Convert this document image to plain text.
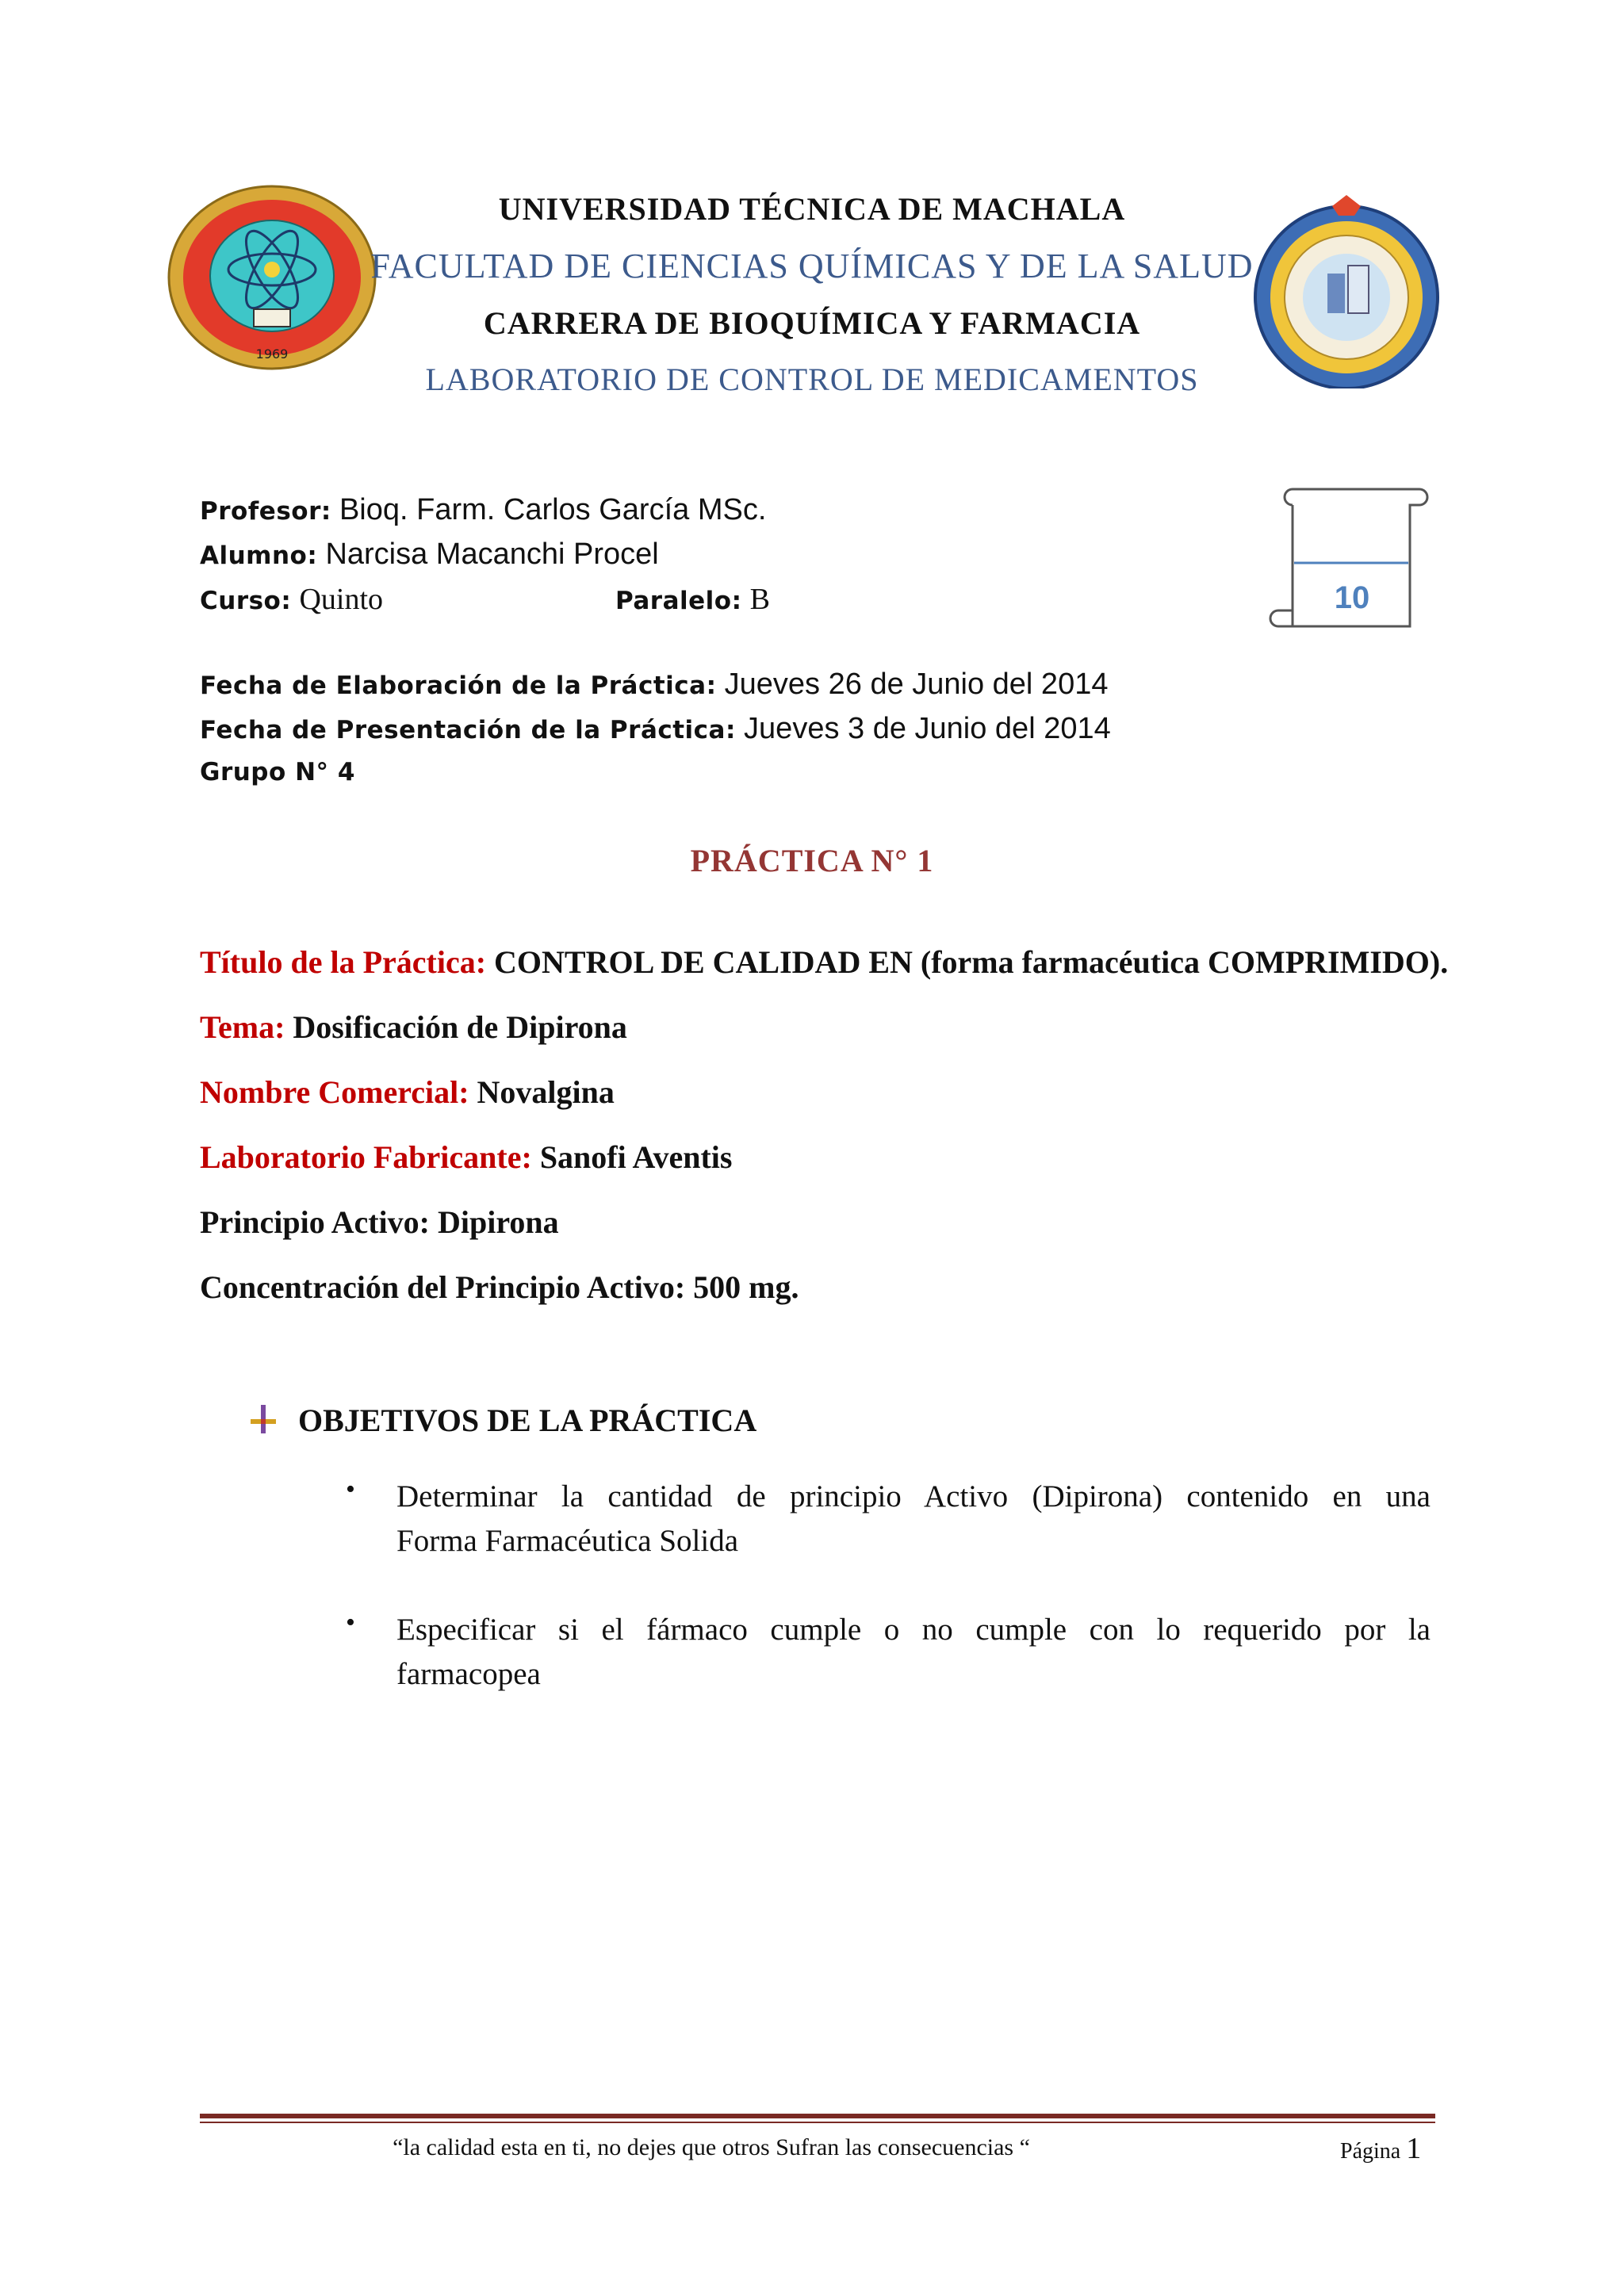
1969
UNIVERSIDAD TÉCNICA DE MACHALA
FACULTAD DE CIENCIAS QUÍMICAS Y DE LA SALUD
CARRERA DE BIOQUÍMICA Y FARMACIA
LABORATORIO DE CONTROL DE MEDICAMENTOS
Profesor: Bioq. Farm. Carlos García MSc.
Alumno: Narcisa Macanchi Procel
Curso: Quinto	Paralelo: B	10
Fecha de Elaboración de la Práctica: Jueves 26 de Junio del 2014
Fecha de Presentación de la Práctica: Jueves 3 de Junio del 2014
Grupo N° 4
PRÁCTICA N° 1
Título de la Práctica: CONTROL DE CALIDAD EN (forma farmacéutica COMPRIMIDO).
Tema: Dosificación de Dipirona
Nombre Comercial: Novalgina
Laboratorio Fabricante: Sanofi Aventis
Principio Activo: Dipirona
Concentración del Principio Activo: 500 mg.
OBJETIVOS DE LA PRÁCTICA
• Determinar la cantidad de principio Activo (Dipirona) contenido en una
Forma Farmacéutica Solida
• Especificar si el fármaco cumple o no cumple con lo requerido por la
farmacopea
“la calidad esta en ti, no dejes que otros Sufran las consecuencias “	Página 1
